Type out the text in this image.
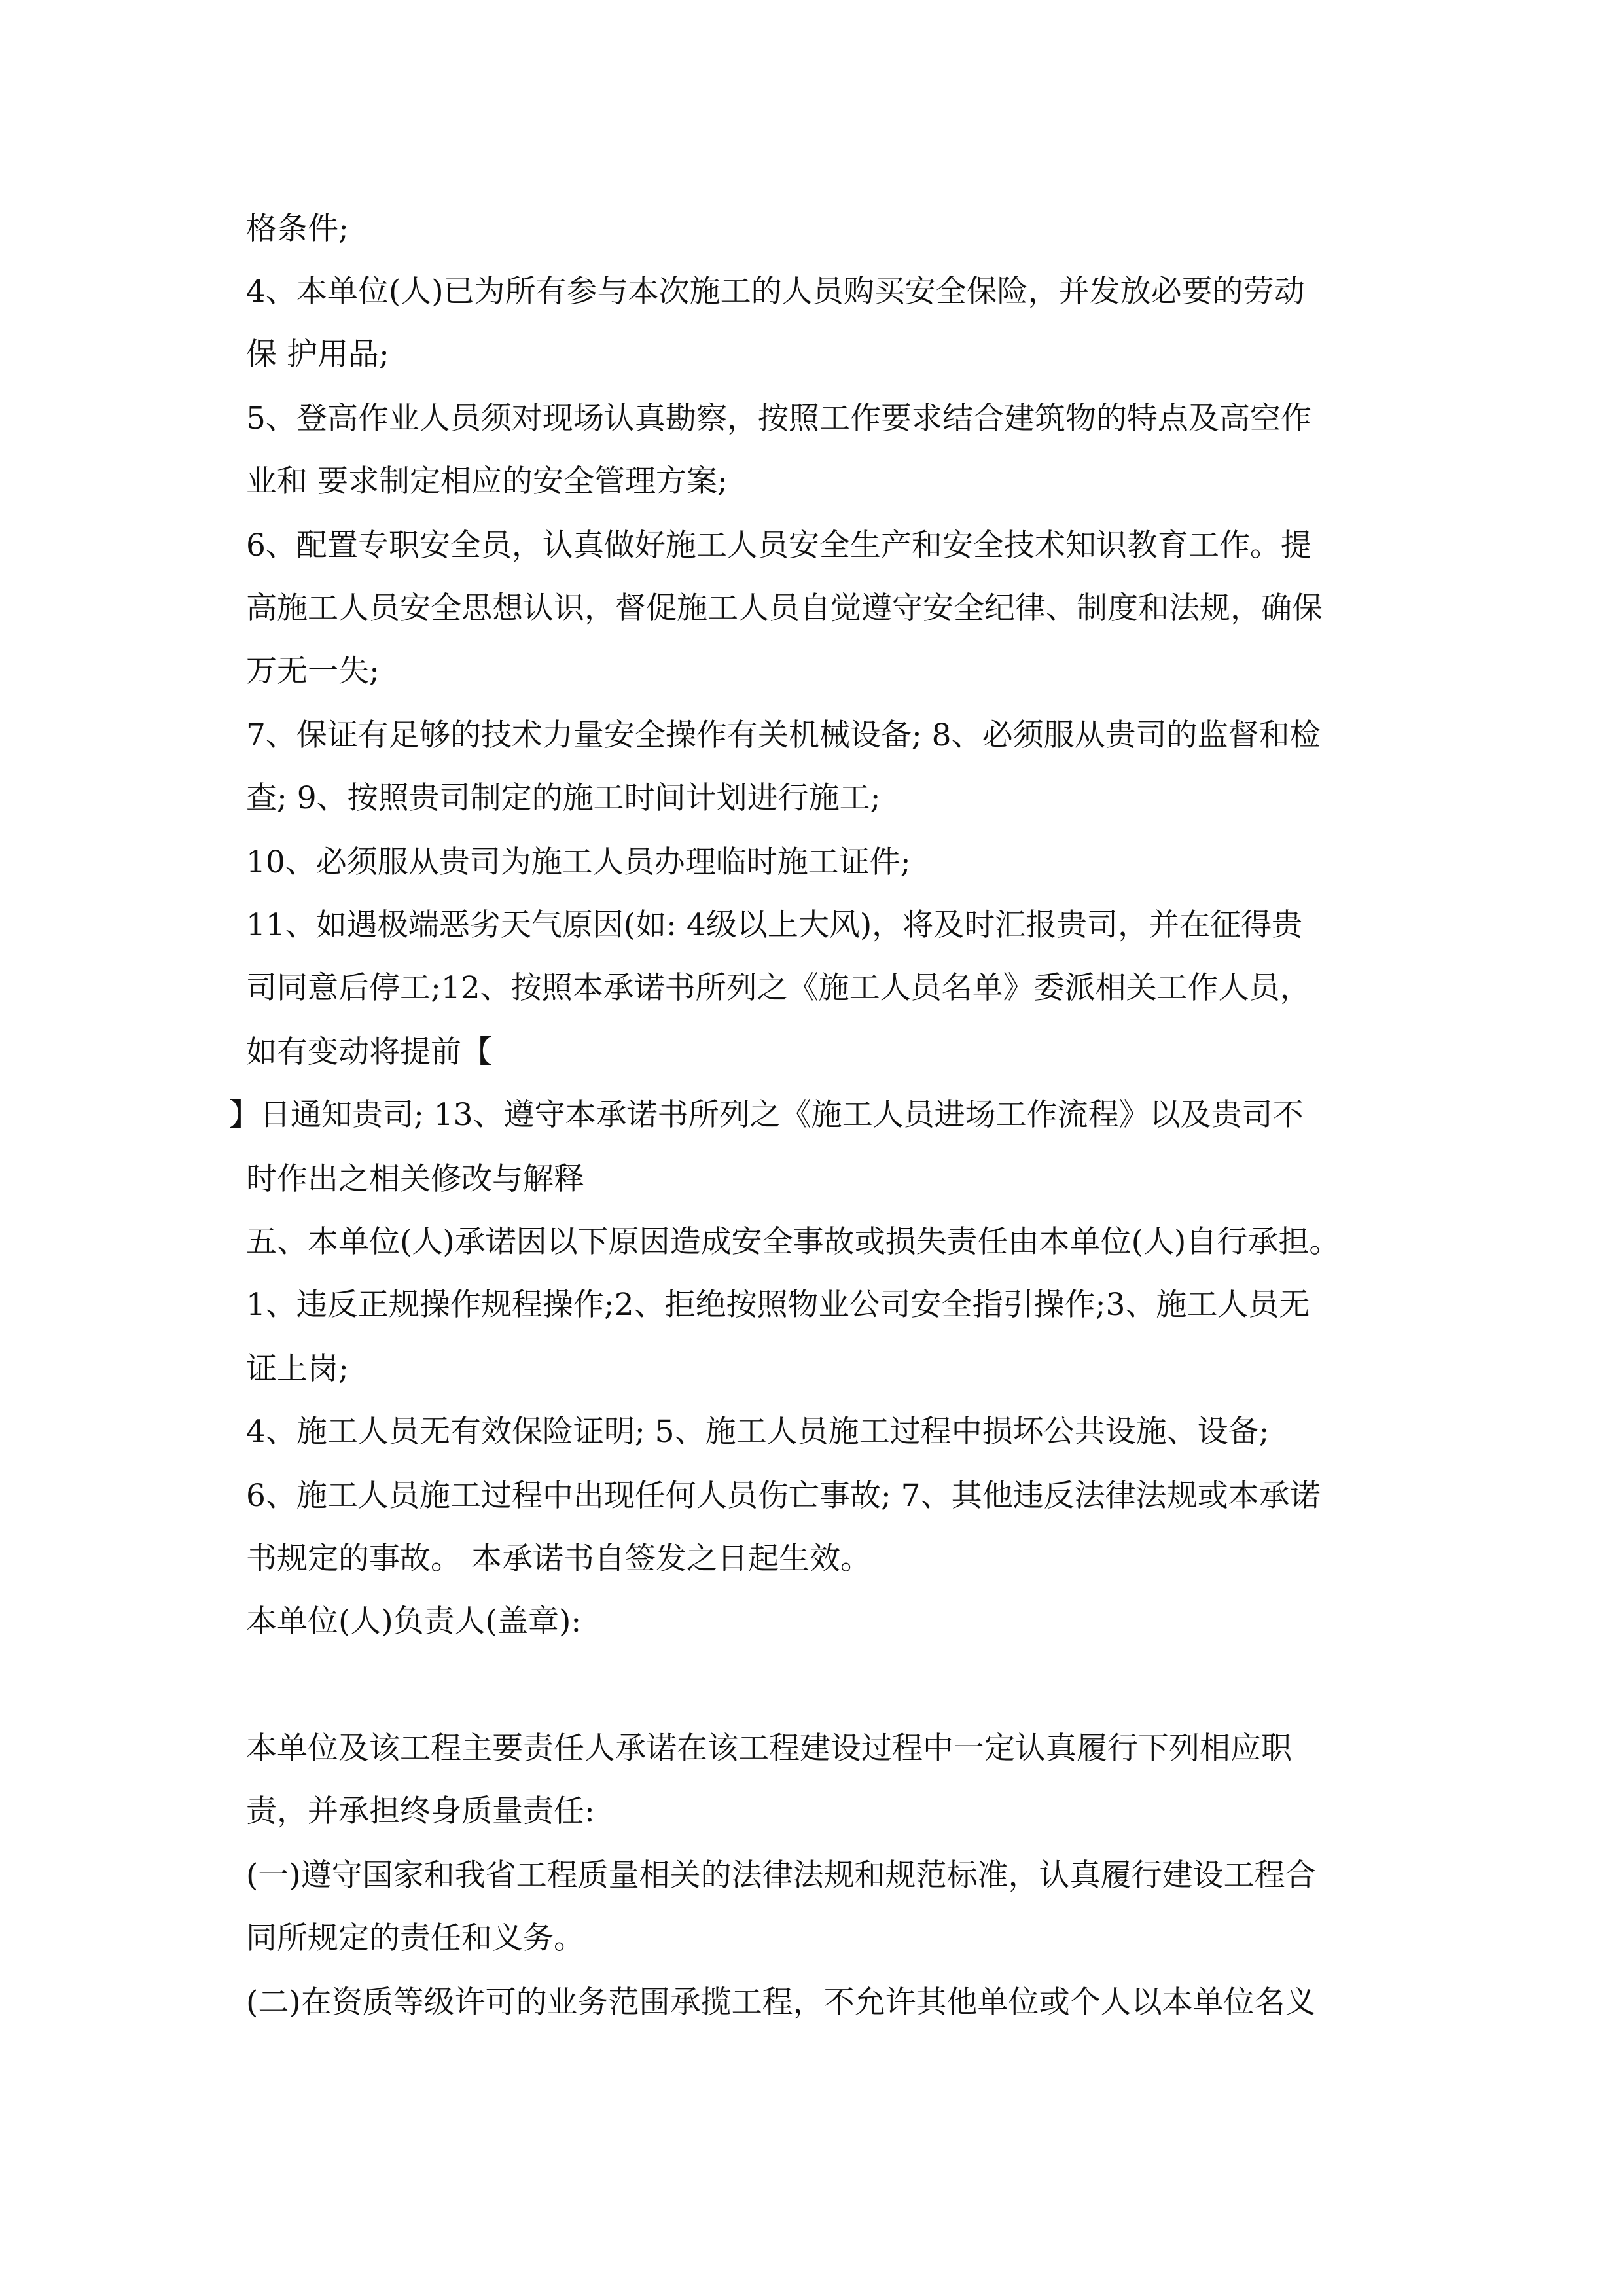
格条件;
4、本单位(人)已为所有参与本次施工的人员购买安全保险，并发放必要的劳动
保 护用品;
5、登高作业人员须对现场认真勘察，按照工作要求结合建筑物的特点及高空作
业和 要求制定相应的安全管理方案;
6、配置专职安全员，认真做好施工人员安全生产和安全技术知识教育工作。提
高施工人员安全思想认识，督促施工人员自觉遵守安全纪律、制度和法规，确保
万无一失;
7、保证有足够的技术力量安全操作有关机械设备; 8、必须服从贵司的监督和检
查; 9、按照贵司制定的施工时间计划进行施工;
10、必须服从贵司为施工人员办理临时施工证件;
11、如遇极端恶劣天气原因(如: 4级以上大风)，将及时汇报贵司，并在征得贵
司同意后停工;12、按照本承诺书所列之《施工人员名单》委派相关工作人员，
如有变动将提前【
】日通知贵司; 13、遵守本承诺书所列之《施工人员进场工作流程》以及贵司不
时作出之相关修改与解释
五、本单位(人)承诺因以下原因造成安全事故或损失责任由本单位(人)自行承担。
1、违反正规操作规程操作;2、拒绝按照物业公司安全指引操作;3、施工人员无
证上岗;
4、施工人员无有效保险证明; 5、施工人员施工过程中损坏公共设施、设备;
6、施工人员施工过程中出现任何人员伤亡事故; 7、其他违反法律法规或本承诺
书规定的事故。 本承诺书自签发之日起生效。
本单位(人)负责人(盖章):
本单位及该工程主要责任人承诺在该工程建设过程中一定认真履行下列相应职
责，并承担终身质量责任:
(一)遵守国家和我省工程质量相关的法律法规和规范标准，认真履行建设工程合
同所规定的责任和义务。
(二)在资质等级许可的业务范围承揽工程，不允许其他单位或个人以本单位名义
